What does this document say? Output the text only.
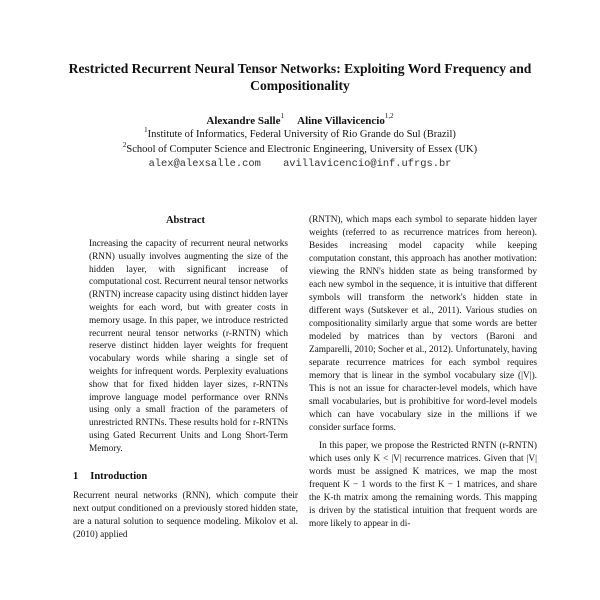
Restricted Recurrent Neural Tensor Networks: Exploiting Word Frequency and Compositionality
Alexandre Salle$^1$ Aline Villavicencio$^{1,2}$
$^1$Institute of Informatics, Federal University of Rio Grande do Sul (Brazil)
$^2$School of Computer Science and Electronic Engineering, University of Essex (UK)
alex@alexsalle.com avillavicencio@inf.ufrgs.br
Abstract
Increasing the capacity of recurrent neural networks (RNN) usually involves augmenting the size of the hidden layer, with significant increase of computational cost. Recurrent neural tensor networks (RNTN) increase capacity using distinct hidden layer weights for each word, but with greater costs in memory usage. In this paper, we introduce restricted recurrent neural tensor networks (r-RNTN) which reserve distinct hidden layer weights for frequent vocabulary words while sharing a single set of weights for infrequent words. Perplexity evaluations show that for fixed hidden layer sizes, r-RNTNs improve language model performance over RNNs using only a small fraction of the parameters of unrestricted RNTNs. These results hold for r-RNTNs using Gated Recurrent Units and Long Short-Term Memory.
1 Introduction

Recurrent neural networks (RNN), which compute their next output conditioned on a previously stored hidden state, are a natural solution to sequence modeling. Mikolov et al. (2010) applied

(RNTN), which maps each symbol to separate hidden layer weights (referred to as recurrence matrices from hereon). Besides increasing model capacity while keeping computation constant, this approach has another motivation: viewing the RNN's hidden state as being transformed by each new symbol in the sequence, it is intuitive that different symbols will transform the network's hidden state in different ways (Sutskever et al., 2011). Various studies on compositionality similarly argue that some words are better modeled by matrices than by vectors (Baroni and Zamparelli, 2010; Socher et al., 2012). Unfortunately, having separate recurrence matrices for each symbol requires memory that is linear in the symbol vocabulary size (|V|). This is not an issue for character-level models, which have small vocabularies, but is prohibitive for word-level models which can have vocabulary size in the millions if we consider surface forms.

In this paper, we propose the Restricted RNTN (r-RNTN) which uses only K < |V| recurrence matrices. Given that |V| words must be assigned K matrices, we map the most frequent K − 1 words to the first K − 1 matrices, and share the K-th matrix among the remaining words. This mapping is driven by the statistical intuition that frequent words are more likely to appear in di-
